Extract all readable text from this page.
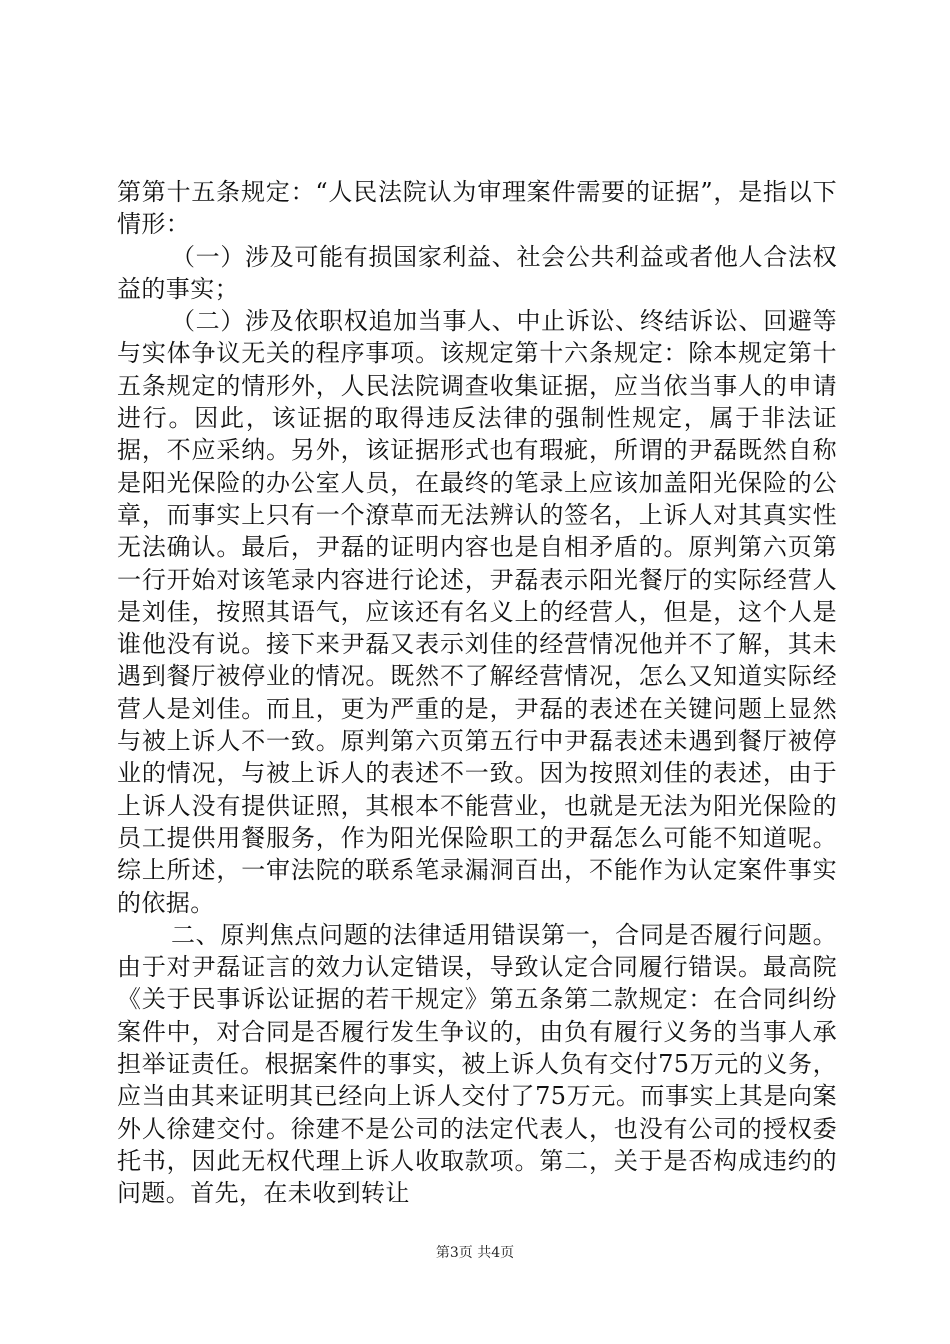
第第十五条规定：“人民法院认为审理案件需要的证据”，是指以下情形：

（一）涉及可能有损国家利益、社会公共利益或者他人合法权益的事实；

（二）涉及依职权追加当事人、中止诉讼、终结诉讼、回避等与实体争议无关的程序事项。该规定第十六条规定：除本规定第十五条规定的情形外，人民法院调查收集证据，应当依当事人的申请进行。因此，该证据的取得违反法律的强制性规定，属于非法证据，不应采纳。另外，该证据形式也有瑕疵，所谓的尹磊既然自称是阳光保险的办公室人员，在最终的笔录上应该加盖阳光保险的公章，而事实上只有一个潦草而无法辨认的签名，上诉人对其真实性无法确认。最后，尹磊的证明内容也是自相矛盾的。原判第六页第一行开始对该笔录内容进行论述，尹磊表示阳光餐厅的实际经营人是刘佳，按照其语气，应该还有名义上的经营人，但是，这个人是谁他没有说。接下来尹磊又表示刘佳的经营情况他并不了解，其未遇到餐厅被停业的情况。既然不了解经营情况，怎么又知道实际经营人是刘佳。而且，更为严重的是，尹磊的表述在关键问题上显然与被上诉人不一致。原判第六页第五行中尹磊表述未遇到餐厅被停业的情况，与被上诉人的表述不一致。因为按照刘佳的表述，由于上诉人没有提供证照，其根本不能营业，也就是无法为阳光保险的员工提供用餐服务，作为阳光保险职工的尹磊怎么可能不知道呢。综上所述，一审法院的联系笔录漏洞百出，不能作为认定案件事实的依据。

二、原判焦点问题的法律适用错误第一，合同是否履行问题。由于对尹磊证言的效力认定错误，导致认定合同履行错误。最高院《关于民事诉讼证据的若干规定》第五条第二款规定：在合同纠纷案件中，对合同是否履行发生争议的，由负有履行义务的当事人承担举证责任。根据案件的事实，被上诉人负有交付75万元的义务，应当由其来证明其已经向上诉人交付了75万元。而事实上其是向案外人徐建交付。徐建不是公司的法定代表人，也没有公司的授权委托书，因此无权代理上诉人收取款项。第二，关于是否构成违约的问题。首先，在未收到转让

第3页 共4页
